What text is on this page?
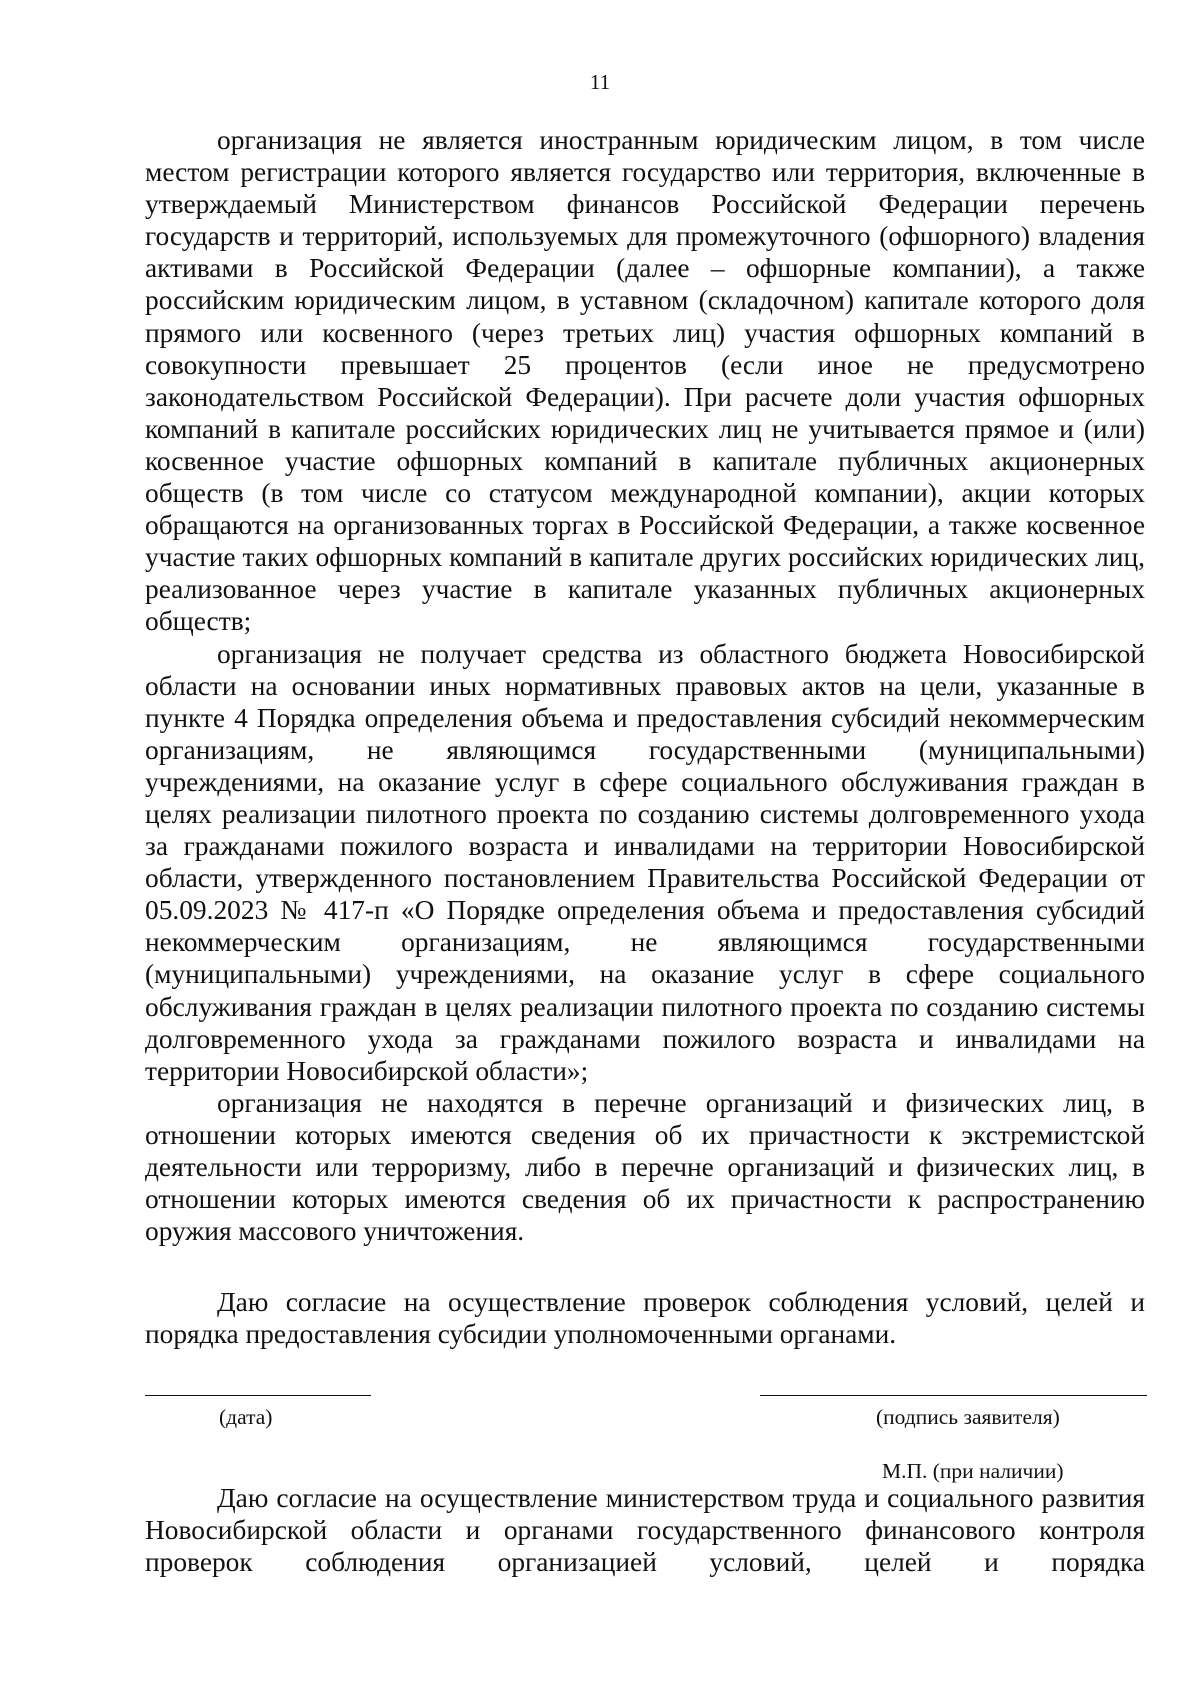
11

организация не является иностранным юридическим лицом, в том числе местом регистрации которого является государство или территория, включенные в утверждаемый Министерством финансов Российской Федерации перечень государств и территорий, используемых для промежуточного (офшорного) владения активами в Российской Федерации (далее – офшорные компании), а также российским юридическим лицом, в уставном (складочном) капитале которого доля прямого или косвенного (через третьих лиц) участия офшорных компаний в совокупности превышает 25 процентов (если иное не предусмотрено законодательством Российской Федерации). При расчете доли участия офшорных компаний в капитале российских юридических лиц не учитывается прямое и (или) косвенное участие офшорных компаний в капитале публичных акционерных обществ (в том числе со статусом международной компании), акции которых обращаются на организованных торгах в Российской Федерации, а также косвенное участие таких офшорных компаний в капитале других российских юридических лиц, реализованное через участие в капитале указанных публичных акционерных обществ;

организация не получает средства из областного бюджета Новосибирской области на основании иных нормативных правовых актов на цели, указанные в пункте 4 Порядка определения объема и предоставления субсидий некоммерческим организациям, не являющимся государственными (муниципальными) учреждениями, на оказание услуг в сфере социального обслуживания граждан в целях реализации пилотного проекта по созданию системы долговременного ухода за гражданами пожилого возраста и инвалидами на территории Новосибирской области, утвержденного постановлением Правительства Российской Федерации от 05.09.2023 № 417-п «О Порядке определения объема и предоставления субсидий некоммерческим организациям, не являющимся государственными (муниципальными) учреждениями, на оказание услуг в сфере социального обслуживания граждан в целях реализации пилотного проекта по созданию системы долговременного ухода за гражданами пожилого возраста и инвалидами на территории Новосибирской области»;

организация не находятся в перечне организаций и физических лиц, в отношении которых имеются сведения об их причастности к экстремистской деятельности или терроризму, либо в перечне организаций и физических лиц, в отношении которых имеются сведения об их причастности к распространению оружия массового уничтожения.

Даю согласие на осуществление проверок соблюдения условий, целей и порядка предоставления субсидии уполномоченными органами.

(дата)	(подпись заявителя)
М.П. (при наличии)

Даю согласие на осуществление министерством труда и социального развития Новосибирской области и органами государственного финансового контроля проверок соблюдения организацией условий, целей и порядка
